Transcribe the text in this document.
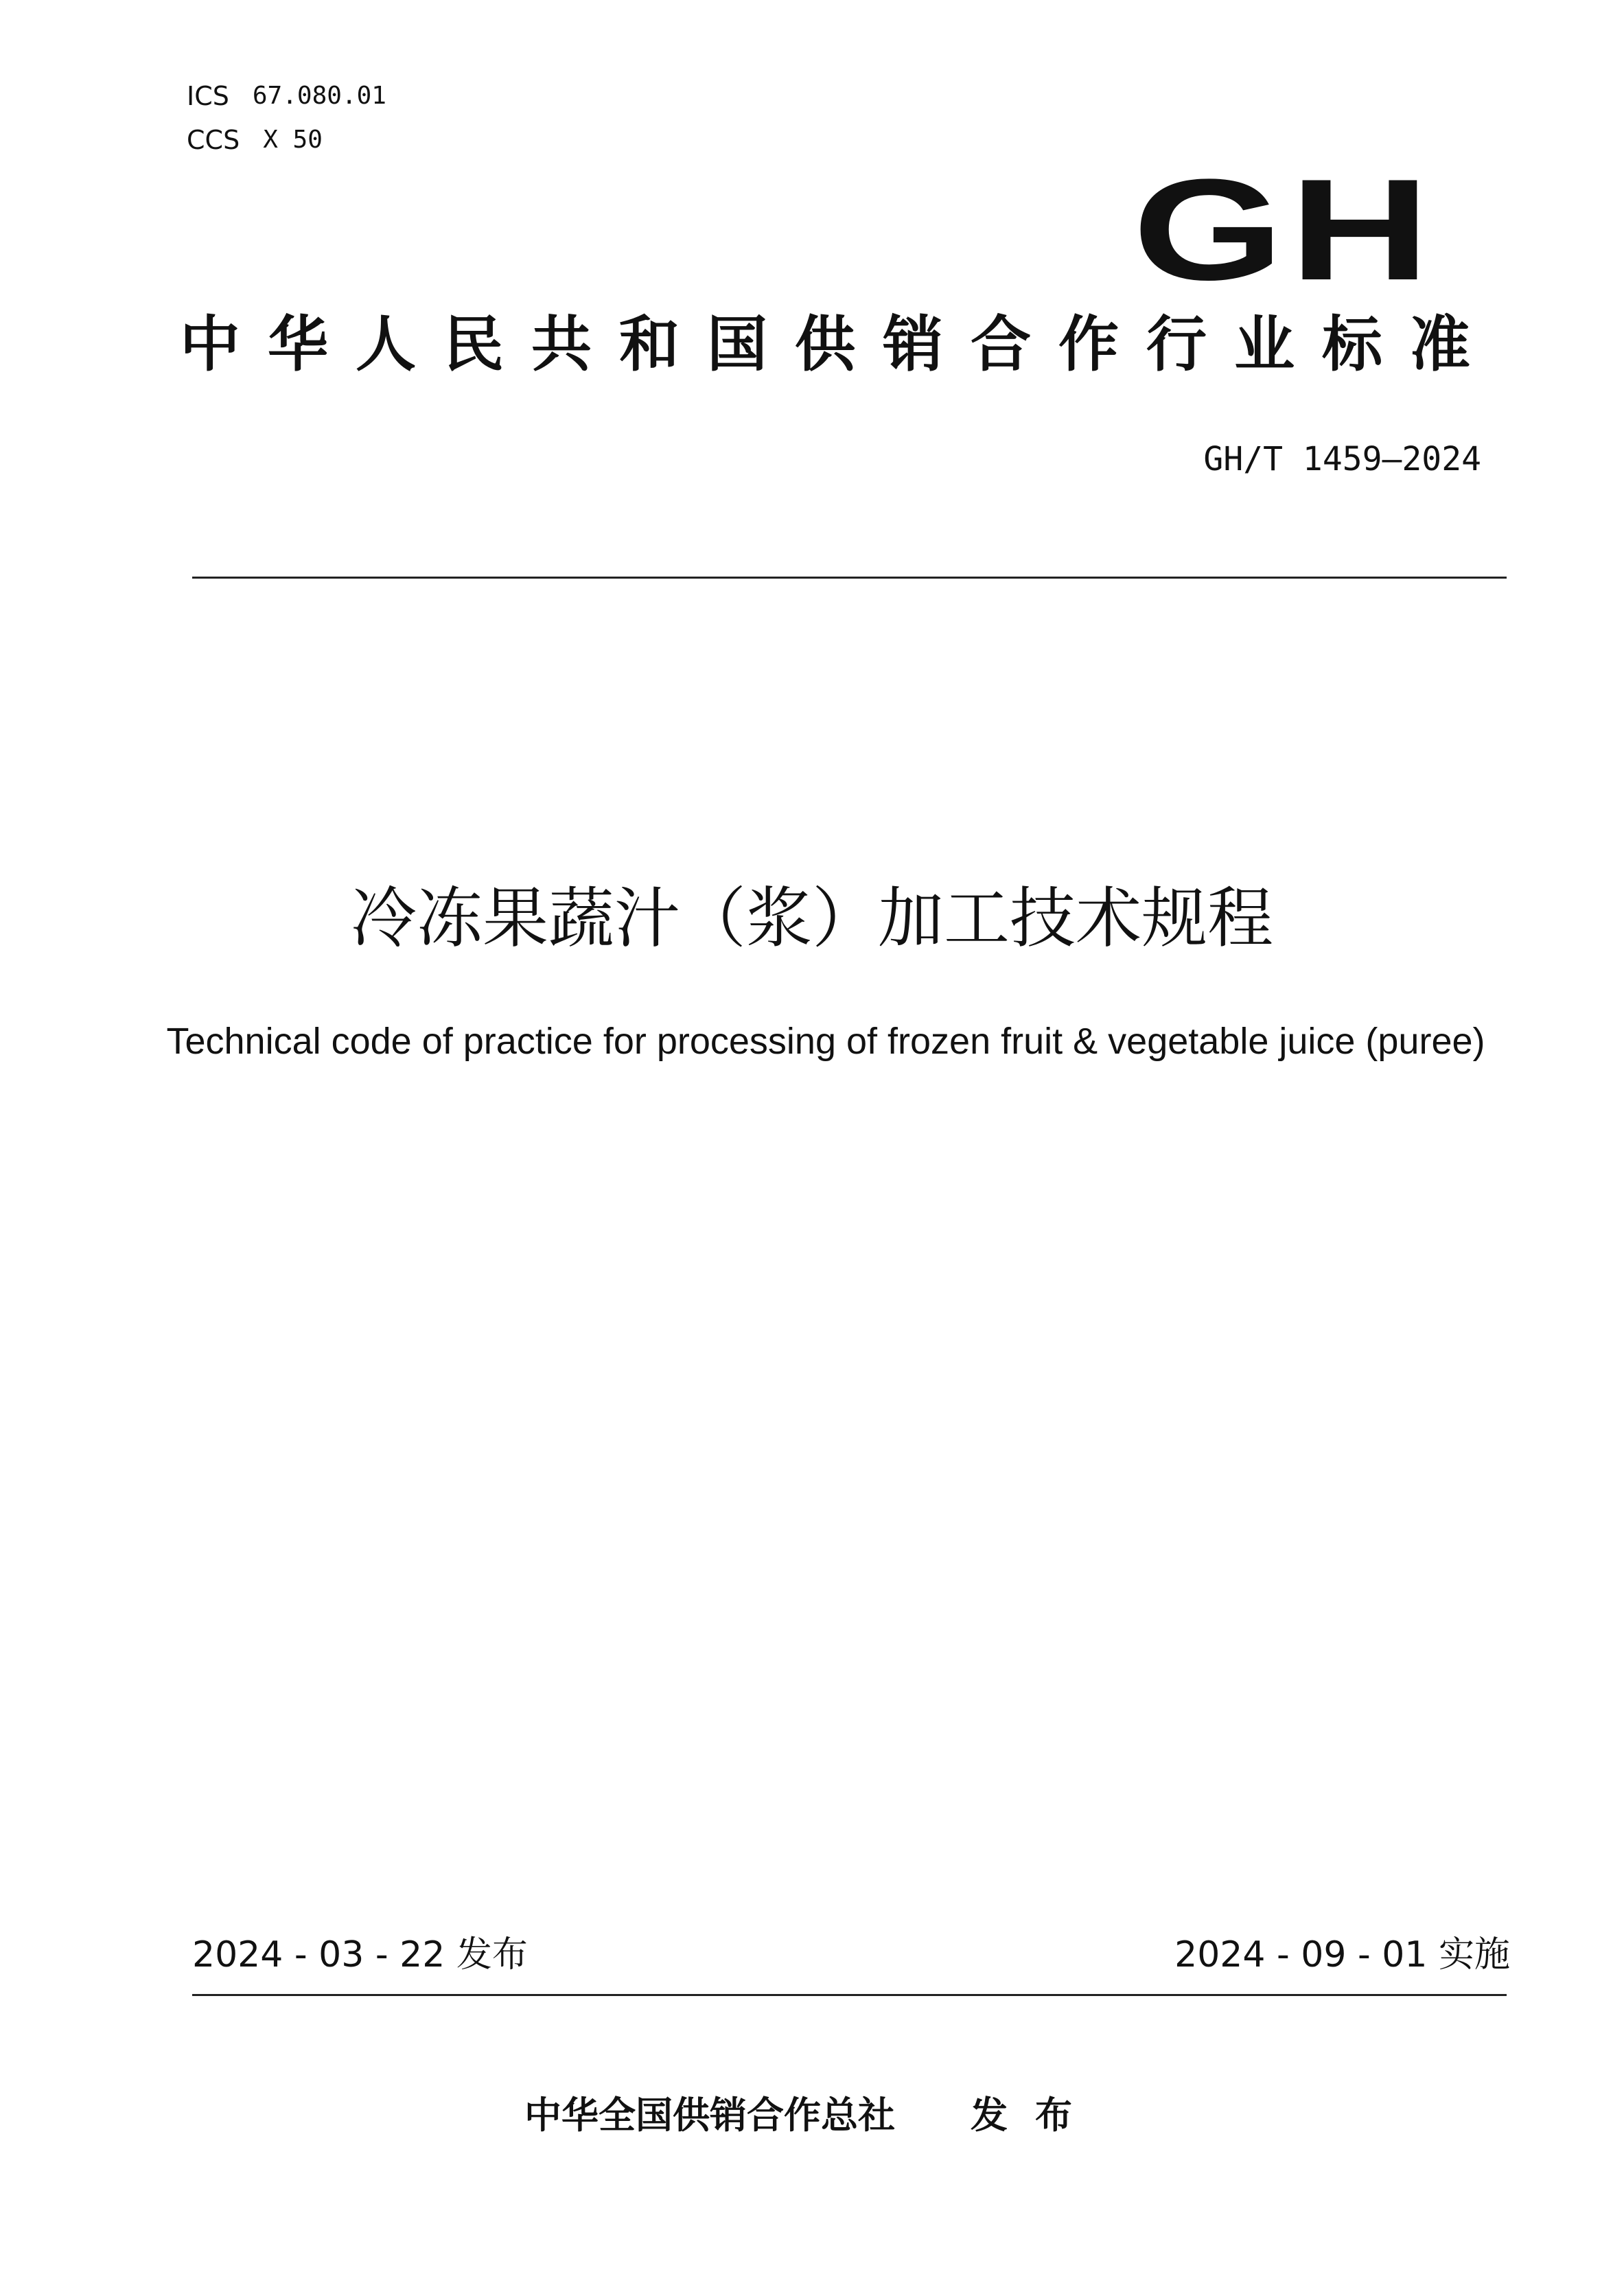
ICS 67.080.01
CCS X 50
GH
中华人民共和国供销合作行业标准
GH/T 1459—2024
冷冻果蔬汁（浆）加工技术规程
Technical code of practice for processing of frozen fruit & vegetable juice (puree)
2024 - 03 - 22 发布	2024 - 09 - 01 实施
中华全国供销合作总社 发布
